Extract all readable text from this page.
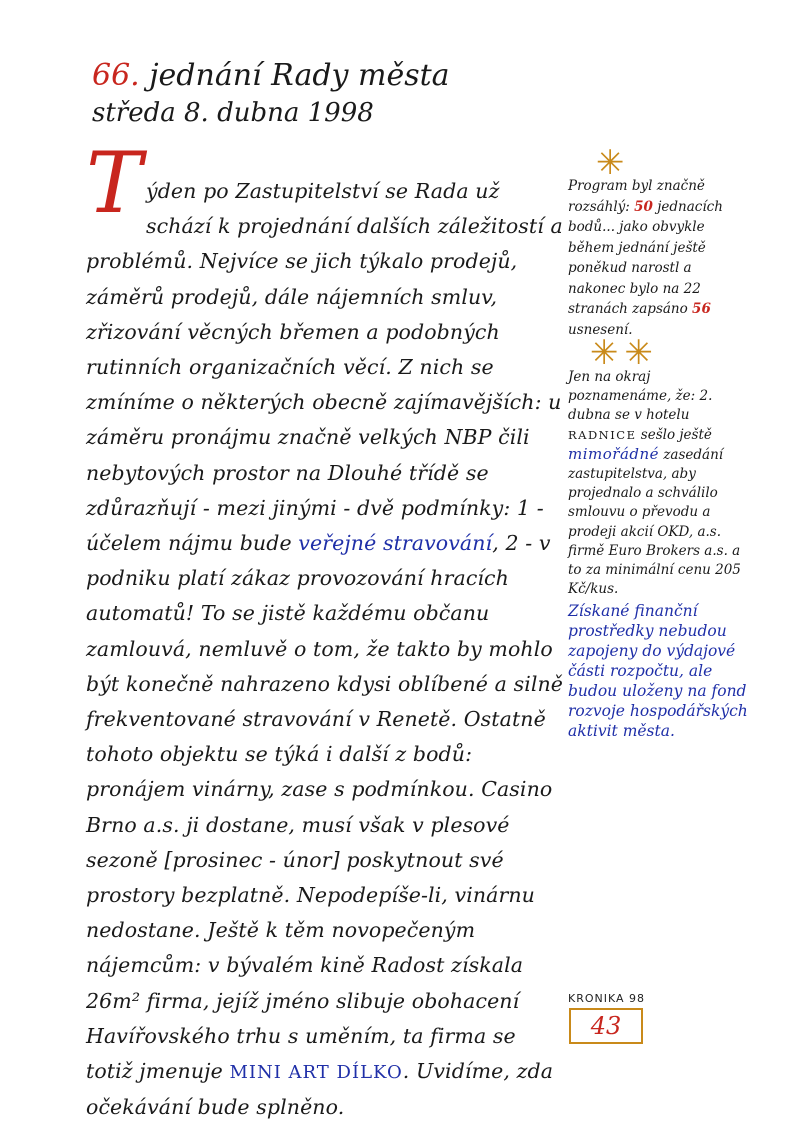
66. jednání Rady města
středa 8. dubna 1998
T ýden po Zastupitelství se Rada už schází k projednání dalších záležitostí a problémů. Nejvíce se jich týkalo prodejů, záměrů prodejů, dále nájemních smluv, zřizování věcných břemen a podobných rutinních organizačních věcí. Z nich se zmíníme o některých obecně zajímavějších: u záměru pronájmu značně velkých NBP čili nebytových prostor na Dlouhé třídě se zdůrazňují - mezi jinými - dvě podmínky: 1 - účelem nájmu bude veřejné stravování, 2 - v podniku platí zákaz provozování hracích automatů! To se jistě každému občanu zamlouvá, nemluvě o tom, že takto by mohlo být konečně nahrazeno kdysi oblíbené a silně frekventované stravování v Renetě. Ostatně tohoto objektu se týká i další z bodů: pronájem vinárny, zase s podmínkou. Casino Brno a.s. ji dostane, musí však v plesové sezoně [prosinec - únor] poskytnout své prostory bezplatně. Nepodepíše-li, vinárnu nedostane. Ještě k těm novopečeným nájemcům: v bývalém kině Radost získala 26m² firma, jejíž jméno slibuje obohacení Havířovského trhu s uměním, ta firma se totiž jmenuje MINI ART DÍLKO. Uvidíme, zda očekávání bude splněno.
✳
Program byl značně rozsáhlý: 50 jednacích bodů... jako obvykle během jednání ještě poněkud narostl a nakonec bylo na 22 stranách zapsáno 56 usnesení.
✳✳
Jen na okraj poznamenáme, že: 2. dubna se v hotelu RADNICE sešlo ještě mimořádné zasedání zastupitelstva, aby projednalo a schválilo smlouvu o převodu a prodeji akcií OKD, a.s. firmě Euro Brokers a.s. a to za minimální cenu 205 Kč/kus.
Získané finanční prostředky nebudou zapojeny do výdajové části rozpočtu, ale budou uloženy na fond rozvoje hospodářských aktivit města.
KRONIKA 98
43
